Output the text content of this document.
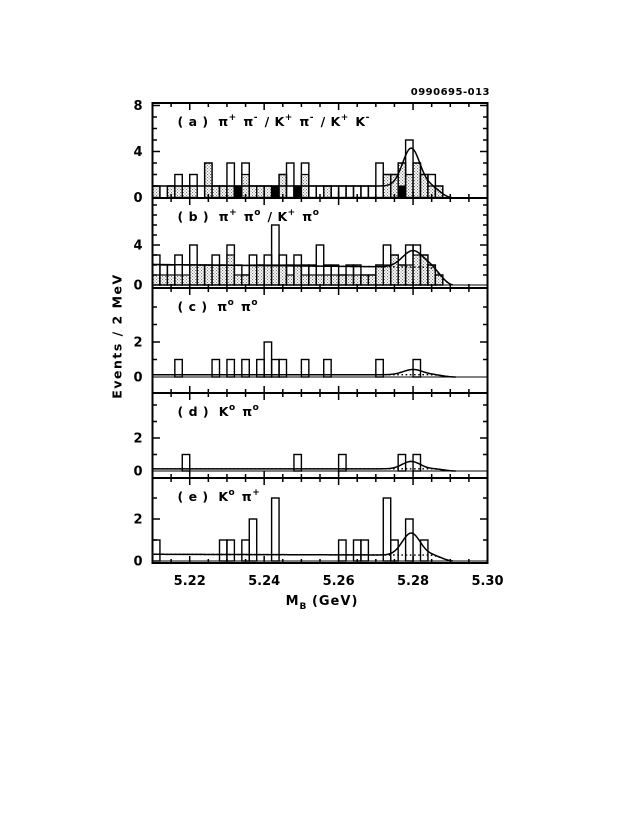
0
4
8
( a )  π+  π-  / K+  π-  / K+  K- 
0
4
( b )  π+  $\pi^o$  / K+  $\pi^o$ 
0
2
( c )  $\pi^o$  $\pi^o$ 
0
2
( d )  $K^o$  $\pi^o$ 
0
2
( e )  $K^o$  π+ 
5.22	5.24	5.26	5.28	5.30
0990695-013
Events / 2 MeV
$M_B$ (GeV)
